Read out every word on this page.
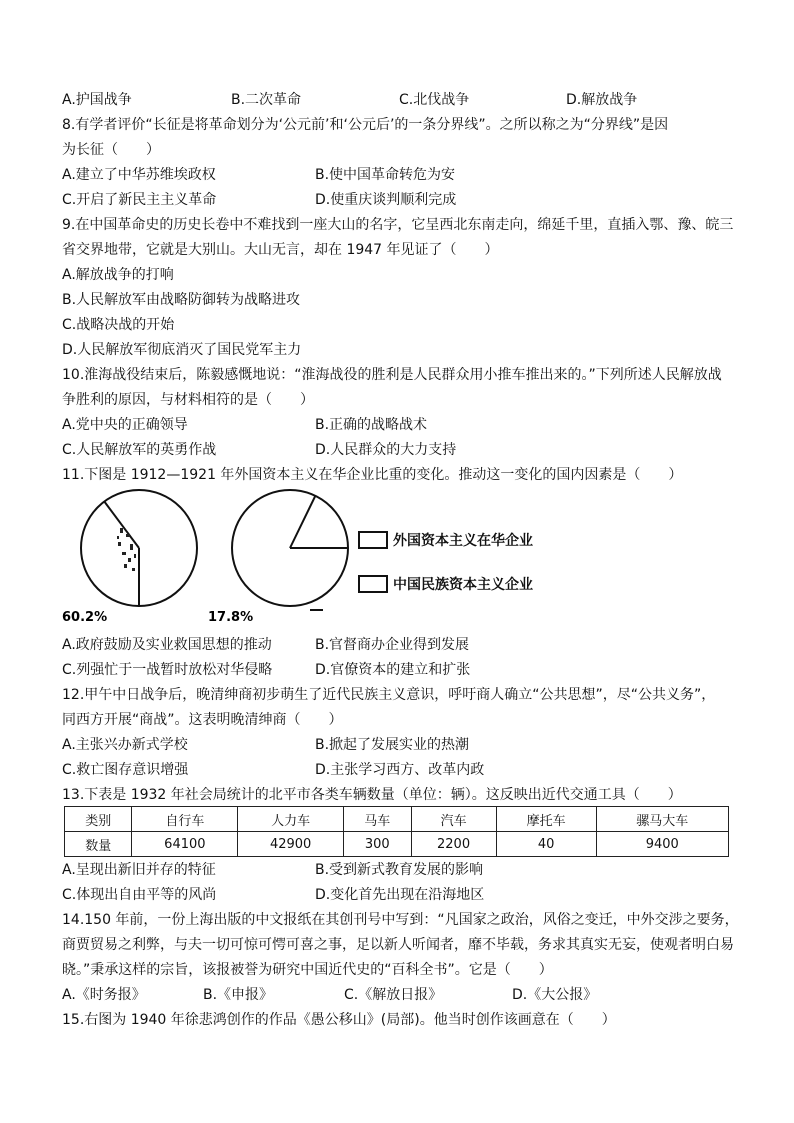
A.护国战争	B.二次革命	C.北伐战争	D.解放战争
8.有学者评价“长征是将革命划分为‘公元前’和‘公元后’的一条分界线”。之所以称之为“分界线”是因
为长征（　　）
A.建立了中华苏维埃政权	B.使中国革命转危为安
C.开启了新民主主义革命	D.使重庆谈判顺利完成
9.在中国革命史的历史长卷中不难找到一座大山的名字，它呈西北东南走向，绵延千里，直插入鄂、豫、皖三
省交界地带，它就是大别山。大山无言，却在 1947 年见证了（　　）
A.解放战争的打响
B.人民解放军由战略防御转为战略进攻
C.战略决战的开始
D.人民解放军彻底消灭了国民党军主力
10.淮海战役结束后，陈毅感慨地说：“淮海战役的胜利是人民群众用小推车推出来的。”下列所述人民解放战
争胜利的原因，与材料相符的是（　　）
A.党中央的正确领导	B.正确的战略战术
C.人民解放军的英勇作战	D.人民群众的大力支持
11.下图是 1912—1921 年外国资本主义在华企业比重的变化。推动这一变化的国内因素是（　　）
60.2%	17.8%
外国资本主义在华企业
中国民族资本主义企业
A.政府鼓励及实业救国思想的推动	B.官督商办企业得到发展
C.列强忙于一战暂时放松对华侵略	D.官僚资本的建立和扩张
12.甲午中日战争后，晚清绅商初步萌生了近代民族主义意识，呼吁商人确立“公共思想”，尽“公共义务”，
同西方开展“商战”。这表明晚清绅商（　　）
A.主张兴办新式学校	B.掀起了发展实业的热潮
C.救亡图存意识增强	D.主张学习西方、改革内政
13.下表是 1932 年社会局统计的北平市各类车辆数量（单位：辆）。这反映出近代交通工具（　　）
类别	自行车	人力车	马车	汽车	摩托车	骡马大车
数量	64100	42900	300	2200	40	9400
A.呈现出新旧并存的特征	B.受到新式教育发展的影响
C.体现出自由平等的风尚	D.变化首先出现在沿海地区
14.150 年前，一份上海出版的中文报纸在其创刊号中写到：“凡国家之政治，风俗之变迁，中外交涉之要务，
商贾贸易之利弊，与夫一切可惊可愕可喜之事，足以新人听闻者，靡不毕载，务求其真实无妄，使观者明白易
晓。”秉承这样的宗旨，该报被誉为研究中国近代史的“百科全书”。它是（　　）
A.《时务报》	B.《申报》	C.《解放日报》	D.《大公报》
15.右图为 1940 年徐悲鸿创作的作品《愚公移山》(局部)。他当时创作该画意在（　　）
